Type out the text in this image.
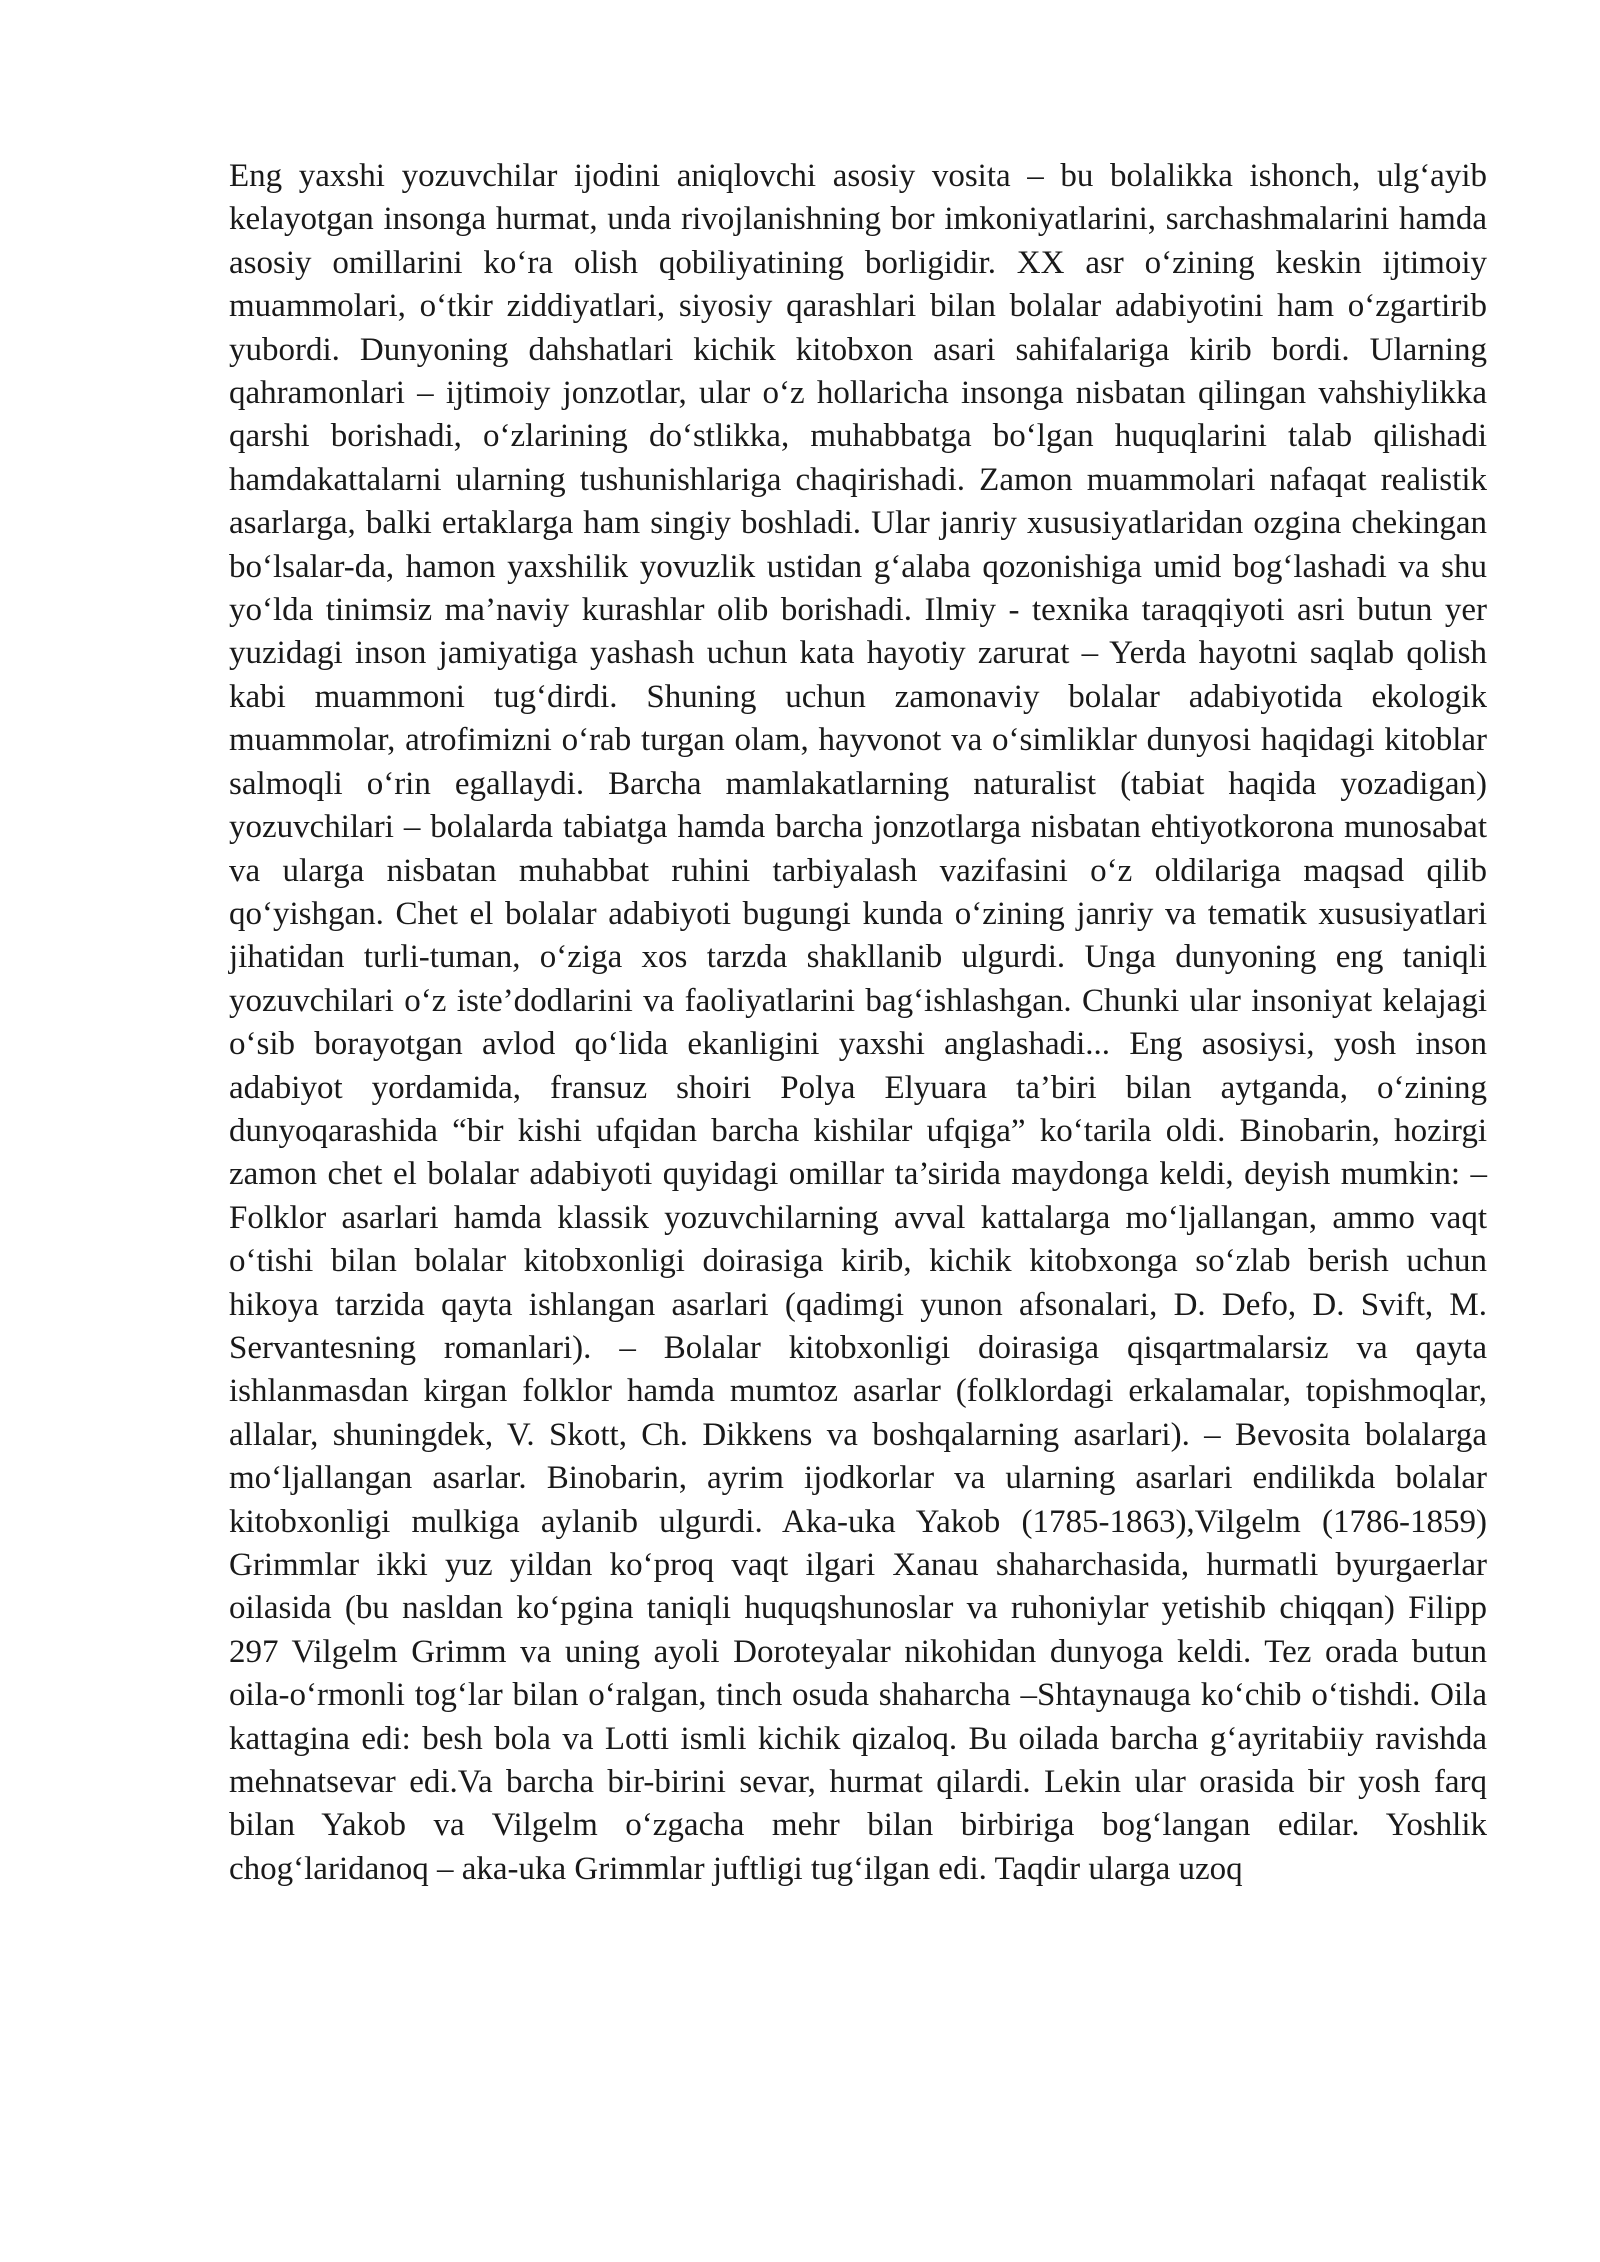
Eng yaxshi yozuvchilar ijodini aniqlovchi asosiy vosita – bu bolalikka ishonch, ulg‘ayib kelayotgan insonga hurmat, unda rivojlanishning bor imkoniyatlarini, sarchashmalarini hamda asosiy omillarini ko‘ra olish qobiliyatining borligidir. XX asr o‘zining keskin ijtimoiy muammolari, o‘tkir ziddiyatlari, siyosiy qarashlari bilan bolalar adabiyotini ham o‘zgartirib yubordi. Dunyoning dahshatlari kichik kitobxon asari sahifalariga kirib bordi. Ularning qahramonlari – ijtimoiy jonzotlar, ular o‘z hollaricha insonga nisbatan qilingan vahshiylikka qarshi borishadi, o‘zlarining do‘stlikka, muhabbatga bo‘lgan huquqlarini talab qilishadi hamdakattalarni ularning tushunishlariga chaqirishadi. Zamon muammolari nafaqat realistik asarlarga, balki ertaklarga ham singiy boshladi. Ular janriy xususiyatlaridan ozgina chekingan bo‘lsalar-da, hamon yaxshilik yovuzlik ustidan g‘alaba qozonishiga umid bog‘lashadi va shu yo‘lda tinimsiz ma’naviy kurashlar olib borishadi. Ilmiy - texnika taraqqiyoti asri butun yer yuzidagi inson jamiyatiga yashash uchun kata hayotiy zarurat – Yerda hayotni saqlab qolish kabi muammoni tug‘dirdi. Shuning uchun zamonaviy bolalar adabiyotida ekologik muammolar, atrofimizni o‘rab turgan olam, hayvonot va o‘simliklar dunyosi haqidagi kitoblar salmoqli o‘rin egallaydi. Barcha mamlakatlarning naturalist (tabiat haqida yozadigan) yozuvchilari – bolalarda tabiatga hamda barcha jonzotlarga nisbatan ehtiyotkorona munosabat va ularga nisbatan muhabbat ruhini tarbiyalash vazifasini o‘z oldilariga maqsad qilib qo‘yishgan. Chet el bolalar adabiyoti bugungi kunda o‘zining janriy va tematik xususiyatlari jihatidan turli-tuman, o‘ziga xos tarzda shakllanib ulgurdi. Unga dunyoning eng taniqli yozuvchilari o‘z iste’dodlarini va faoliyatlarini bag‘ishlashgan. Chunki ular insoniyat kelajagi o‘sib borayotgan avlod qo‘lida ekanligini yaxshi anglashadi... Eng asosiysi, yosh inson adabiyot yordamida, fransuz shoiri Polya Elyuara ta’biri bilan aytganda, o‘zining dunyoqarashida “bir kishi ufqidan barcha kishilar ufqiga” ko‘tarila oldi. Binobarin, hozirgi zamon chet el bolalar adabiyoti quyidagi omillar ta’sirida maydonga keldi, deyish mumkin: – Folklor asarlari hamda klassik yozuvchilarning avval kattalarga mo‘ljallangan, ammo vaqt o‘tishi bilan bolalar kitobxonligi doirasiga kirib, kichik kitobxonga so‘zlab berish uchun hikoya tarzida qayta ishlangan asarlari (qadimgi yunon afsonalari, D. Defo, D. Svift, M. Servantesning romanlari). – Bolalar kitobxonligi doirasiga qisqartmalarsiz va qayta ishlanmasdan kirgan folklor hamda mumtoz asarlar (folklordagi erkalamalar, topishmoqlar, allalar, shuningdek, V. Skott, Ch. Dikkens va boshqalarning asarlari). – Bevosita bolalarga mo‘ljallangan asarlar. Binobarin, ayrim ijodkorlar va ularning asarlari endilikda bolalar kitobxonligi mulkiga aylanib ulgurdi. Aka-uka Yakob (1785-1863),Vilgelm (1786-1859) Grimmlar ikki yuz yildan ko‘proq vaqt ilgari Xanau shaharchasida, hurmatli byurgaerlar oilasida (bu nasldan ko‘pgina taniqli huquqshunoslar va ruhoniylar yetishib chiqqan) Filipp 297 Vilgelm Grimm va uning ayoli Doroteyalar nikohidan dunyoga keldi. Tez orada butun oila-o‘rmonli tog‘lar bilan o‘ralgan, tinch osuda shaharcha –Shtaynauga ko‘chib o‘tishdi. Oila kattagina edi: besh bola va Lotti ismli kichik qizaloq. Bu oilada barcha g‘ayritabiiy ravishda mehnatsevar edi.Va barcha bir-birini sevar, hurmat qilardi. Lekin ular orasida bir yosh farq bilan Yakob va Vilgelm o‘zgacha mehr bilan birbiriga bog‘langan edilar. Yoshlik chog‘laridanoq – aka-uka Grimmlar juftligi tug‘ilgan edi. Taqdir ularga uzoq
